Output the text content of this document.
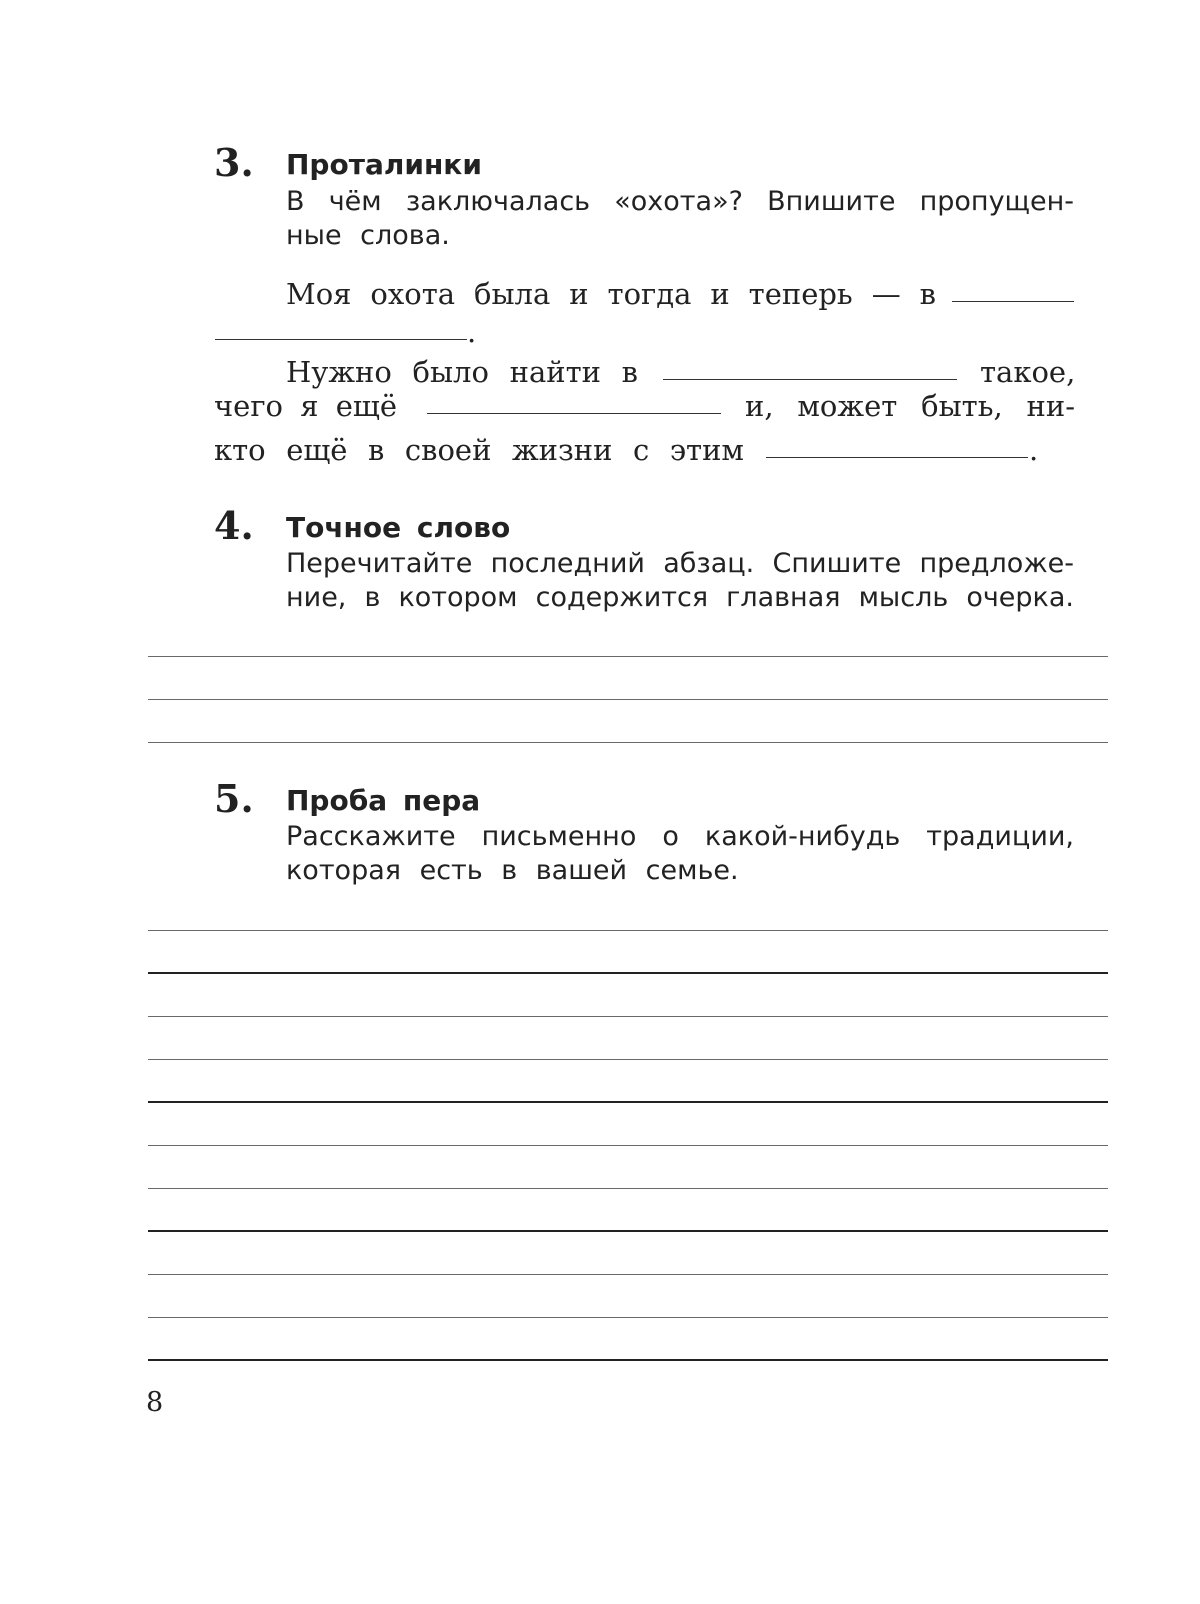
3. Проталинки
В чём заключалась «охота»? Впишите пропущен-
ные слова.
Моя охота была и тогда и теперь — в
.
Нужно было найти в	такое,
чего я ещё	и, может быть, ни-
кто ещё в своей жизни с этим	.
4. Точное слово
Перечитайте последний абзац. Спишите предложе-
ние, в котором содержится главная мысль очерка.
5. Проба пера
Расскажите письменно о какой-нибудь традиции,
которая есть в вашей семье.
8
